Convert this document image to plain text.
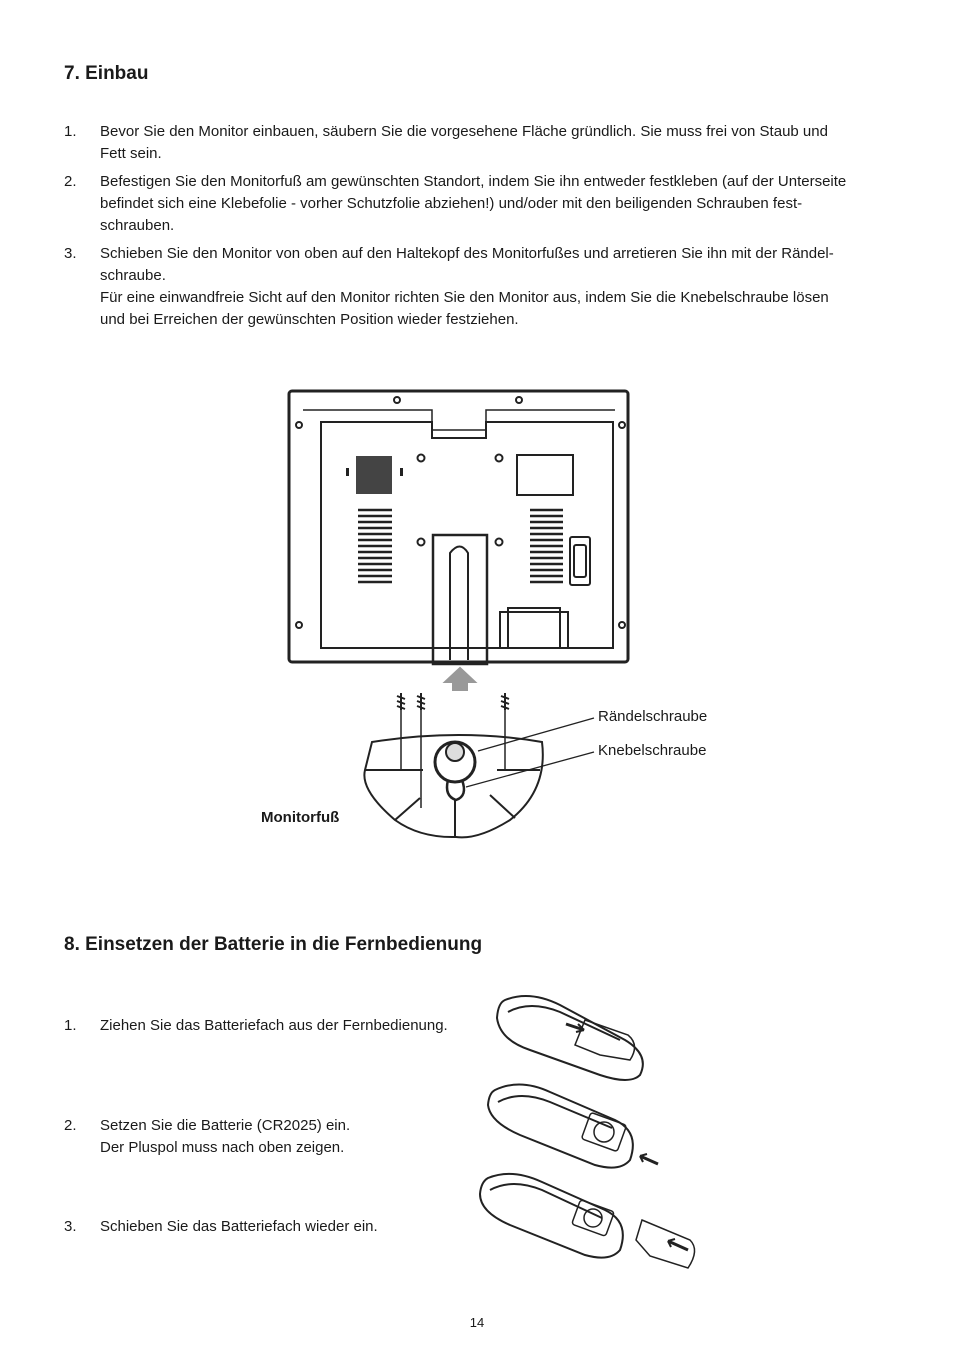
7. Einbau
1.	Bevor Sie den Monitor einbauen, säubern Sie die vorgesehene Fläche gründlich. Sie muss frei von Staub und
Fett sein.
2.	Befestigen Sie den Monitorfuß am gewünschten Standort, indem Sie ihn entweder festkleben (auf der Unterseite
befindet sich eine Klebefolie - vorher Schutzfolie abziehen!) und/oder mit den beiligenden Schrauben fest-
schrauben.
3.	Schieben Sie den Monitor von oben auf den Haltekopf des Monitorfußes und arretieren Sie ihn mit der Rändel-
schraube.
Für eine einwandfreie Sicht auf den Monitor richten Sie den Monitor aus, indem Sie die Knebelschraube lösen
und bei Erreichen der gewünschten Position wieder festziehen.
Rändelschraube
Knebelschraube
Monitorfuß
8. Einsetzen der Batterie in die Fernbedienung
1.	Ziehen Sie das Batteriefach aus der Fernbedienung.
2.	Setzen Sie die Batterie (CR2025) ein.
Der Pluspol muss nach oben zeigen.
3.	Schieben Sie das Batteriefach wieder ein.
14
